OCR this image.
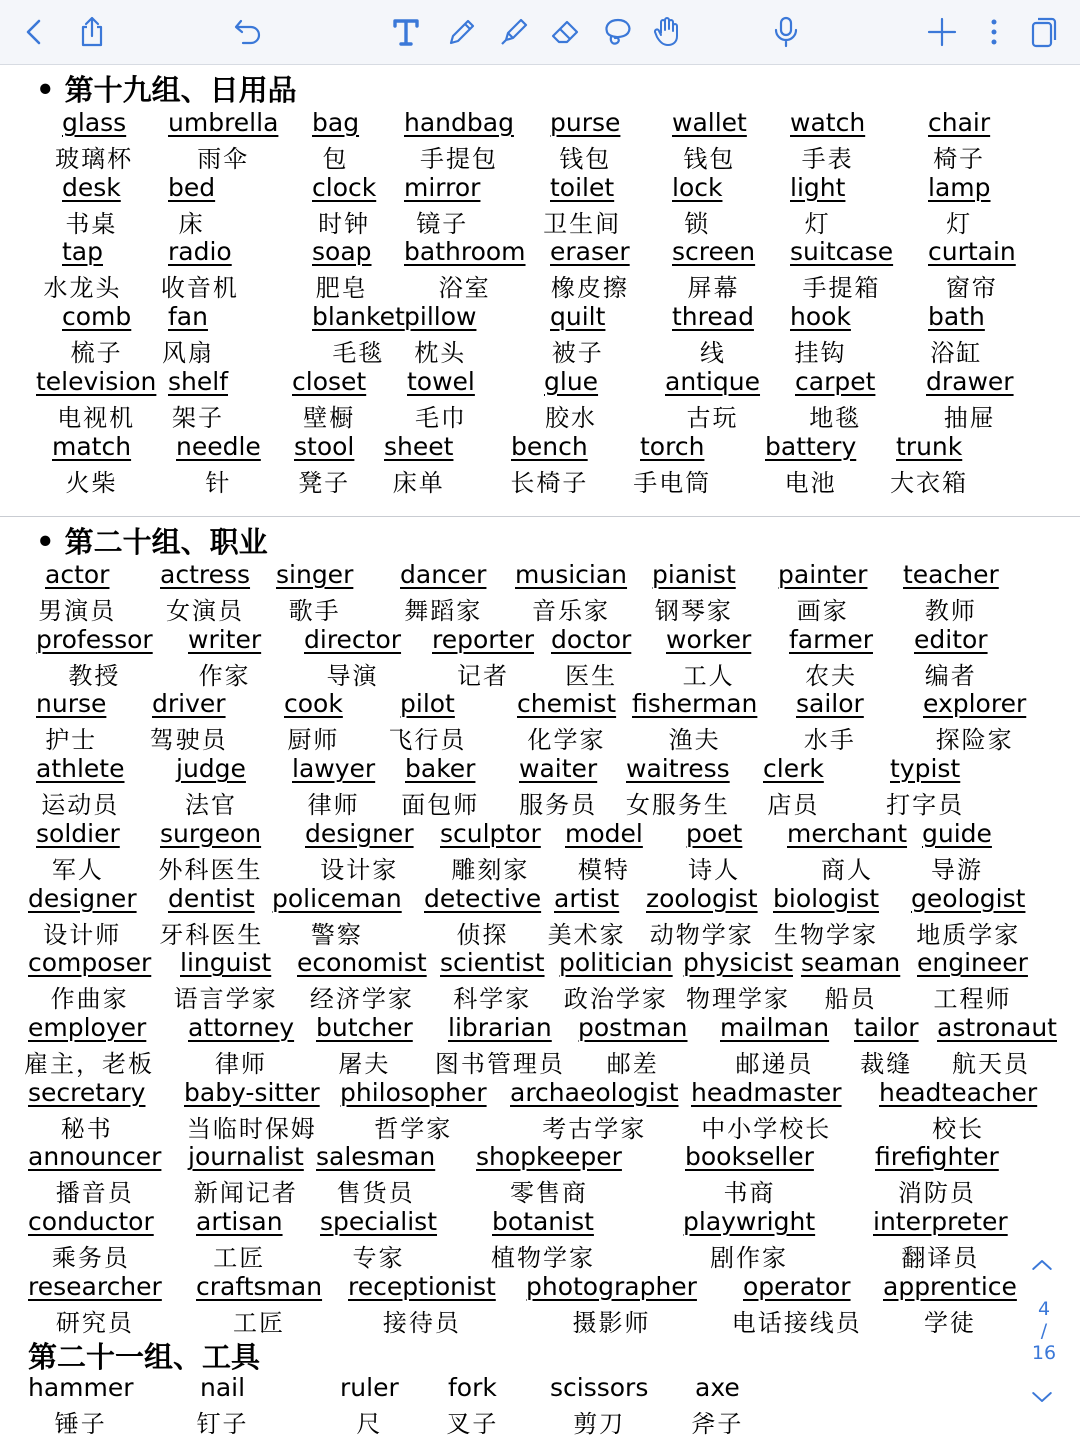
• 第十九组、日用品
glass
玻璃杯
umbrella
雨伞
bag
包
handbag
手提包
purse
钱包
wallet
钱包
watch
手表
chair
椅子
desk
书桌
bed
床
clock
时钟
mirror
镜子
toilet
卫生间
lock
锁
light
灯
lamp
灯
tap
水龙头
radio
收音机
soap
肥皂
bathroom
浴室
eraser
橡皮擦
screen
屏幕
suitcase
手提箱
curtain
窗帘
comb
梳子
fan
风扇
blanket
毛毯
pillow
枕头
quilt
被子
thread
线
hook
挂钩
bath
浴缸
television
电视机
shelf
架子
closet
壁橱
towel
毛巾
glue
胶水
antique
古玩
carpet
地毯
drawer
抽屉
match
火柴
needle
针
stool
凳子
sheet
床单
bench
长椅子
torch
手电筒
battery
电池
trunk
大衣箱
• 第二十组、职业
actor
男演员
actress
女演员
singer
歌手
dancer
舞蹈家
musician
音乐家
pianist
钢琴家
painter
画家
teacher
教师
professor
教授
writer
作家
director
导演
reporter
记者
doctor
医生
worker
工人
farmer
农夫
editor
编者
nurse
护士
driver
驾驶员
cook
厨师
pilot
飞行员
chemist
化学家
fisherman
渔夫
sailor
水手
explorer
探险家
athlete
运动员
judge
法官
lawyer
律师
baker
面包师
waiter
服务员
waitress
女服务生
clerk
店员
typist
打字员
soldier
军人
surgeon
外科医生
designer
设计家
sculptor
雕刻家
model
模特
poet
诗人
merchant
商人
guide
导游
designer
设计师
dentist
牙科医生
policeman
警察
detective
侦探
artist
美术家
zoologist
动物学家
biologist
生物学家
geologist
地质学家
composer
作曲家
linguist
语言学家
economist
经济学家
scientist
科学家
politician
政治学家
physicist
物理学家
seaman
船员
engineer
工程师
employer
雇主，老板
attorney
律师
butcher
屠夫
librarian
图书管理员
postman
邮差
mailman
邮递员
tailor
裁缝
astronaut
航天员
secretary
秘书
baby-sitter
当临时保姆
philosopher
哲学家
archaeologist
考古学家
headmaster
中小学校长
headteacher
校长
announcer
播音员
journalist
新闻记者
salesman
售货员
shopkeeper
零售商
bookseller
书商
firefighter
消防员
conductor
乘务员
artisan
工匠
specialist
专家
botanist
植物学家
playwright
剧作家
interpreter
翻译员
researcher
研究员
craftsman
工匠
receptionist
接待员
photographer
摄影师
operator
电话接线员
apprentice
学徒
第二十一组、工具
hammer
锤子
nail
钉子
ruler
尺
fork
叉子
scissors
剪刀
axe
斧子
4
/
16
